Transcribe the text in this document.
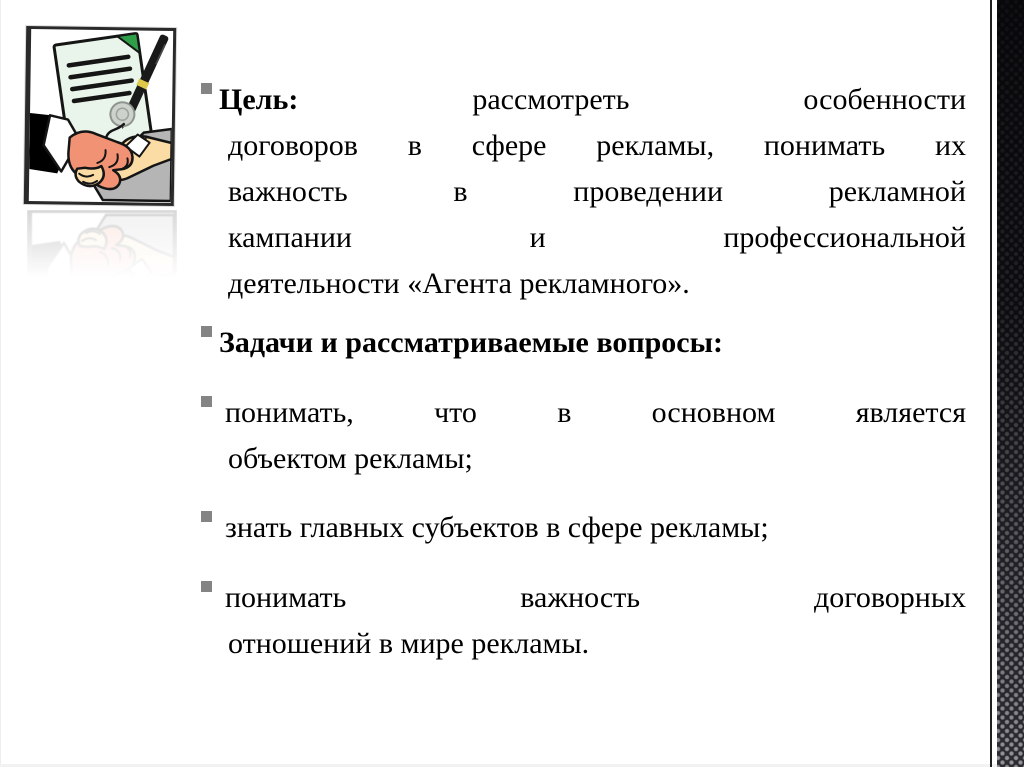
Цель:	рассмотреть особенности
договоров в сфере рекламы, понимать их
важность в проведении рекламной
кампании и профессиональной
деятельности «Агента рекламного».
Задачи и рассматриваемые вопросы:
понимать, что в основном является
объектом рекламы;
знать главных субъектов в сфере рекламы;
понимать важность договорных
отношений в мире рекламы.
